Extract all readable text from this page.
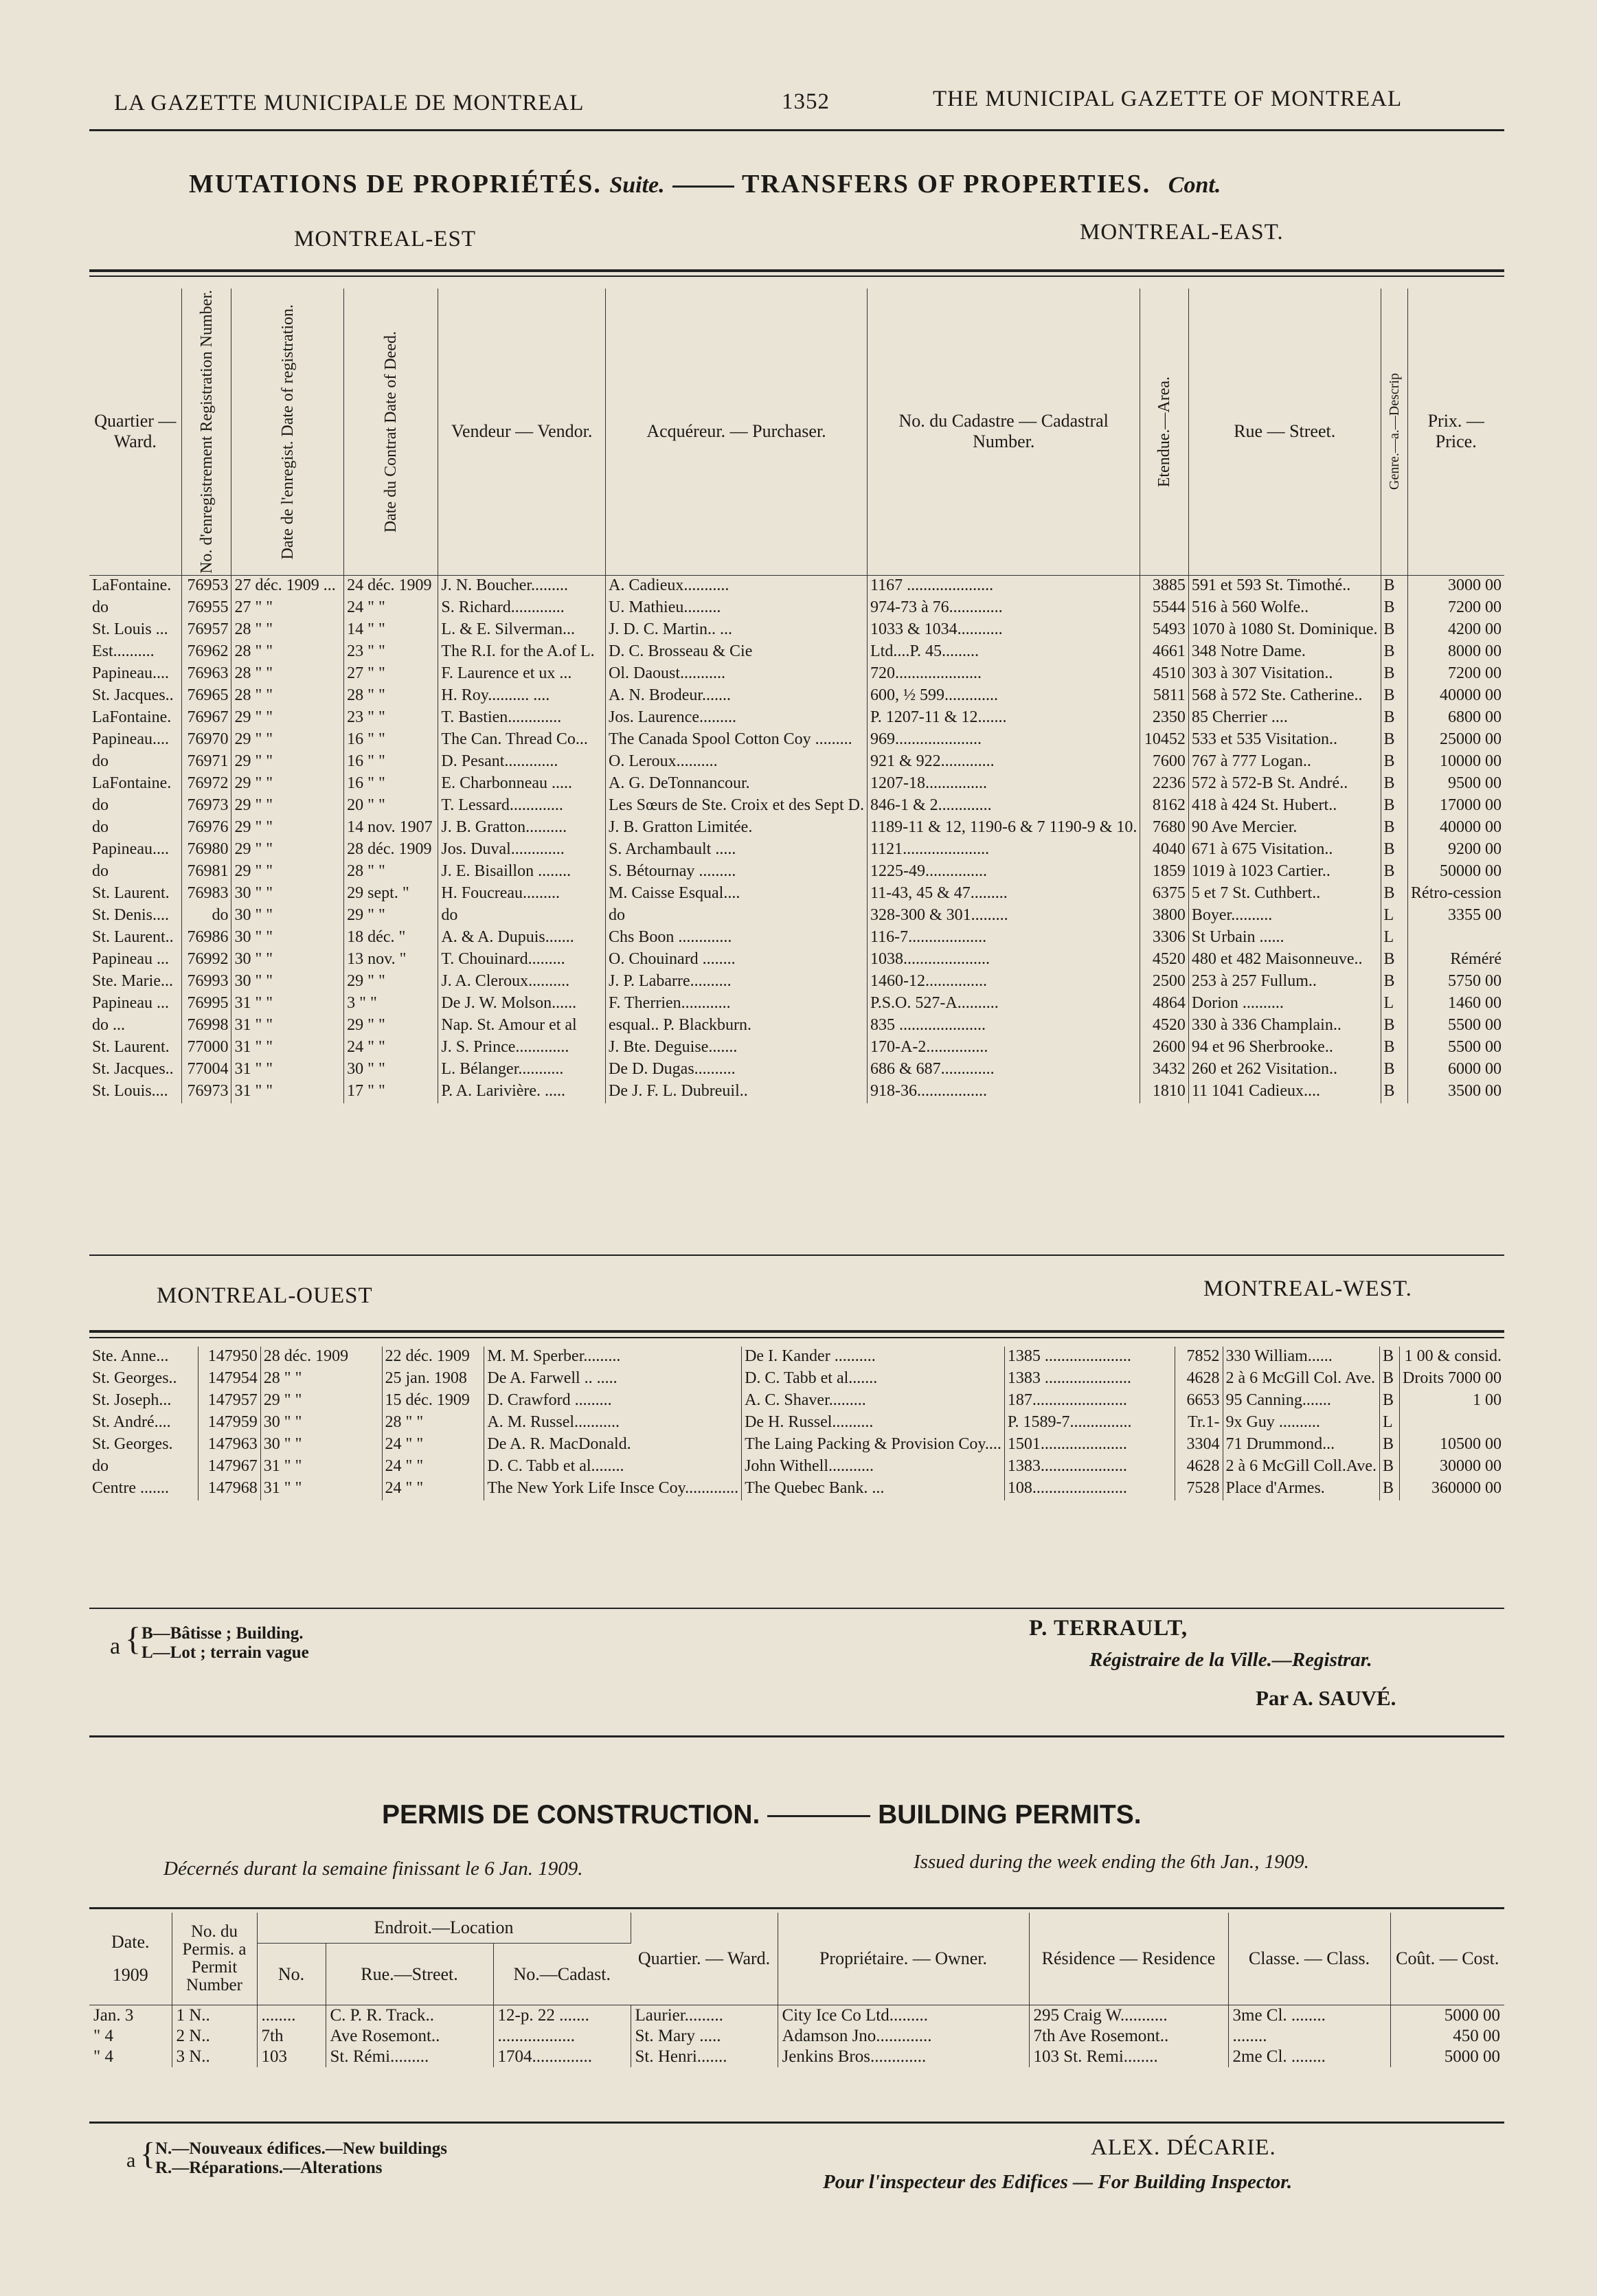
LA GAZETTE MUNICIPALE DE MONTREAL	1352	THE MUNICIPAL GAZETTE OF MONTREAL
MUTATIONS DE PROPRIÉTÉS. Suite.	TRANSFERS OF PROPERTIES. Cont.
MONTREAL-EST	MONTREAL-EAST.
Quartier — Ward.	No. d'enregistrement Registration Number.	Date de l'enregist. Date of registration.	Date du Contrat Date of Deed.	Vendeur — Vendor.	Acquéreur. — Purchaser.	No. du Cadastre — Cadastral Number.	Etendue.—Area.	Rue — Street.	Genre.—a.—Descrip	Prix. — Price.
LaFontaine.	76953	27 déc. 1909 ...	24 déc. 1909	J. N. Boucher.........	A. Cadieux...........	1167 .....................	3885	591 et 593 St. Timothé..	B	3000 00
do	76955	27 " "	24 " "	S. Richard.............	U. Mathieu.........	974-73 à 76.............	5544	516 à 560 Wolfe..	B	7200 00
St. Louis ...	76957	28 " "	14 " "	L. & E. Silverman...	J. D. C. Martin.. ...	1033 & 1034...........	5493	1070 à 1080 St. Dominique.	B	4200 00
Est..........	76962	28 " "	23 " "	The R.I. for the A.of L.	D. C. Brosseau & Cie	Ltd....P. 45.........	4661	348 Notre Dame.	B	8000 00
Papineau....	76963	28 " "	27 " "	F. Laurence et ux ...	Ol. Daoust...........	720.....................	4510	303 à 307 Visitation..	B	7200 00
St. Jacques..	76965	28 " "	28 " "	H. Roy.......... ....	A. N. Brodeur.......	600, ½ 599.............	5811	568 à 572 Ste. Catherine..	B	40000 00
LaFontaine.	76967	29 " "	23 " "	T. Bastien.............	Jos. Laurence.........	P. 1207-11 & 12.......	2350	85 Cherrier ....	B	6800 00
Papineau....	76970	29 " "	16 " "	The Can. Thread Co...	The Canada Spool Cotton Coy .........	969.....................	10452	533 et 535 Visitation..	B	25000 00
do	76971	29 " "	16 " "	D. Pesant.............	O. Leroux..........	921 & 922.............	7600	767 à 777 Logan..	B	10000 00
LaFontaine.	76972	29 " "	16 " "	E. Charbonneau .....	A. G. DeTonnancour.	1207-18...............	2236	572 à 572-B St. André..	B	9500 00
do	76973	29 " "	20 " "	T. Lessard.............	Les Sœurs de Ste. Croix et des Sept D.	846-1 & 2.............	8162	418 à 424 St. Hubert..	B	17000 00
do	76976	29 " "	14 nov. 1907	J. B. Gratton..........	J. B. Gratton Limitée.	1189-11 & 12, 1190-6 & 7 1190-9 & 10.	7680	90 Ave Mercier.	B	40000 00
Papineau....	76980	29 " "	28 déc. 1909	Jos. Duval.............	S. Archambault .....	1121.....................	4040	671 à 675 Visitation..	B	9200 00
do	76981	29 " "	28 " "	J. E. Bisaillon ........	S. Bétournay .........	1225-49...............	1859	1019 à 1023 Cartier..	B	50000 00
St. Laurent.	76983	30 " "	29 sept. "	H. Foucreau.........	M. Caisse Esqual....	11-43, 45 & 47.........	6375	5 et 7 St. Cuthbert..	B	Rétro-cession
St. Denis....	do	30 " "	29 " "	do	do	328-300 & 301.........	3800	Boyer..........	L	3355 00
St. Laurent..	76986	30 " "	18 déc. "	A. & A. Dupuis.......	Chs Boon .............	116-7...................	3306	St Urbain ......	L	
Papineau ...	76992	30 " "	13 nov. "	T. Chouinard.........	O. Chouinard ........	1038.....................	4520	480 et 482 Maisonneuve..	B	Réméré
Ste. Marie...	76993	30 " "	29 " "	J. A. Cleroux..........	J. P. Labarre..........	1460-12...............	2500	253 à 257 Fullum..	B	5750 00
Papineau ...	76995	31 " "	3 " "	De J. W. Molson......	F. Therrien............	P.S.O. 527-A..........	4864	Dorion ..........	L	1460 00
do ...	76998	31 " "	29 " "	Nap. St. Amour et al	esqual.. P. Blackburn.	835 .....................	4520	330 à 336 Champlain..	B	5500 00
St. Laurent.	77000	31 " "	24 " "	J. S. Prince.............	J. Bte. Deguise.......	170-A-2...............	2600	94 et 96 Sherbrooke..	B	5500 00
St. Jacques..	77004	31 " "	30 " "	L. Bélanger...........	De D. Dugas..........	686 & 687.............	3432	260 et 262 Visitation..	B	6000 00
St. Louis....	76973	31 " "	17 " "	P. A. Larivière. .....	De J. F. L. Dubreuil..	918-36.................	1810	11 1041 Cadieux....	B	3500 00
MONTREAL-OUEST	MONTREAL-WEST.
Ste. Anne...	147950	28 déc. 1909	22 déc. 1909	M. M. Sperber.........	De I. Kander ..........	1385 .....................	7852	330 William......	B	1 00 & consid.
St. Georges..	147954	28 " "	25 jan. 1908	De A. Farwell .. .....	D. C. Tabb et al.......	1383 .....................	4628	2 à 6 McGill Col. Ave.	B	Droits 7000 00
St. Joseph...	147957	29 " "	15 déc. 1909	D. Crawford .........	A. C. Shaver.........	187.......................	6653	95 Canning.......	B	1 00
St. André....	147959	30 " "	28 " "	A. M. Russel...........	De H. Russel..........	P. 1589-7...............	Tr.1-	9x Guy ..........	L	
St. Georges.	147963	30 " "	24 " "	De A. R. MacDonald.	The Laing Packing & Provision Coy....	1501.....................	3304	71 Drummond...	B	10500 00
do	147967	31 " "	24 " "	D. C. Tabb et al........	John Withell...........	1383.....................	4628	2 à 6 McGill Coll.Ave.	B	30000 00
Centre .......	147968	31 " "	24 " "	The New York Life Insce Coy.............	The Quebec Bank. ...	108.......................	7528	Place d'Armes.	B	360000 00
a { B—Bâtisse ; Building.
L—Lot ; terrain vague
P. TERRAULT,
Régistraire de la Ville.—Registrar.
Par A. SAUVÉ.
PERMIS DE CONSTRUCTION.	BUILDING PERMITS.
Décernés durant la semaine finissant le 6 Jan. 1909.	Issued during the week ending the 6th Jan., 1909.
Date.
1909	No. du Permis. a Permit Number	Endroit.—Location			Quartier. — Ward.	Propriétaire. — Owner.	Résidence — Residence	Classe. — Class.	Coût. — Cost.
		No.	Rue.—Street.	No.—Cadast.					
Jan. 3	1 N..	........	C. P. R. Track..	12-p. 22 .......	Laurier.........	City Ice Co Ltd.........	295 Craig W...........	3me Cl. ........	5000 00
" 4	2 N..	7th	Ave Rosemont..	..................	St. Mary .....	Adamson Jno.............	7th Ave Rosemont..	........	450 00
" 4	3 N..	103	St. Rémi.........	1704..............	St. Henri.......	Jenkins Bros.............	103 St. Remi........	2me Cl. ........	5000 00
a { N.—Nouveaux édifices.—New buildings
R.—Réparations.—Alterations
ALEX. DÉCARIE.
Pour l'inspecteur des Edifices — For Building Inspector.
